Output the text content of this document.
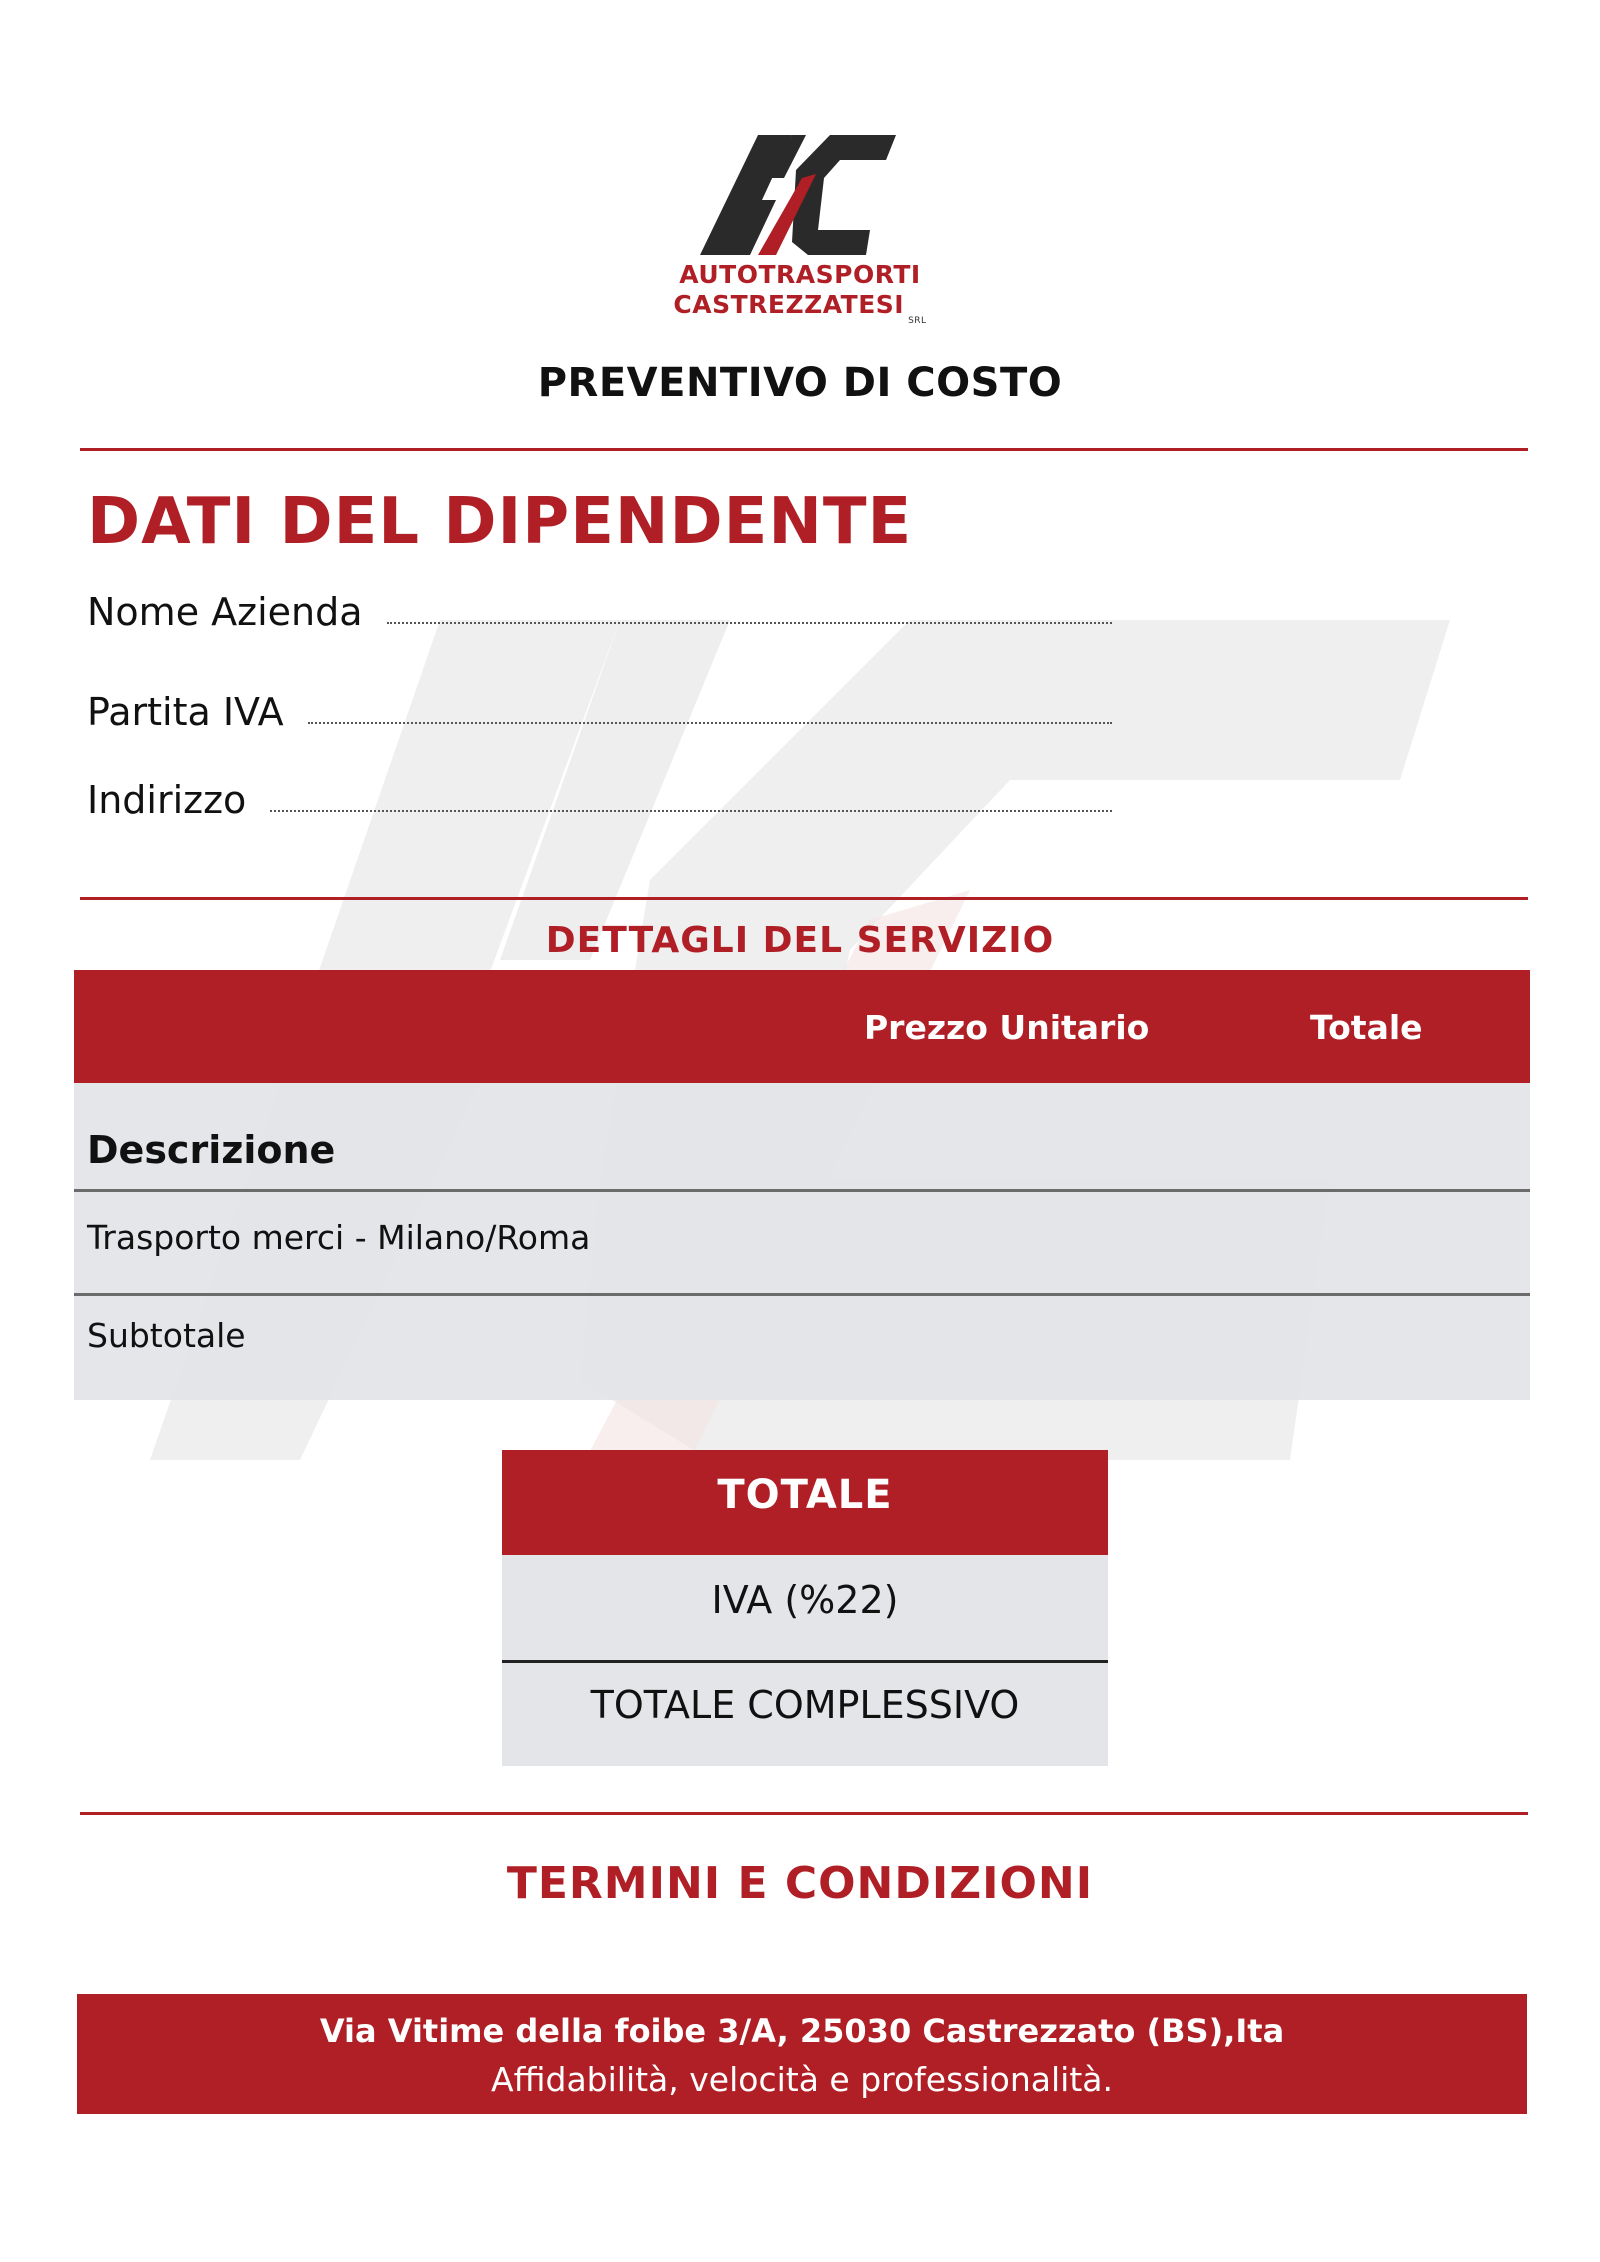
AUTOTRASPORTI
$CASTREZZATESI_{SRL}$
PREVENTIVO DI COSTO
DATI DEL DIPENDENTE
Nome Azienda
Partita IVA
Indirizzo
DETTAGLI DEL SERVIZIO
Prezzo Unitario	Totale
Descrizione
Trasporto merci - Milano/Roma
Subtotale
TOTALE
IVA (%22)
TOTALE COMPLESSIVO
TERMINI E CONDIZIONI
Via Vitime della foibe 3/A, 25030 Castrezzato (BS),Ita
Affidabilità, velocità e professionalità.
